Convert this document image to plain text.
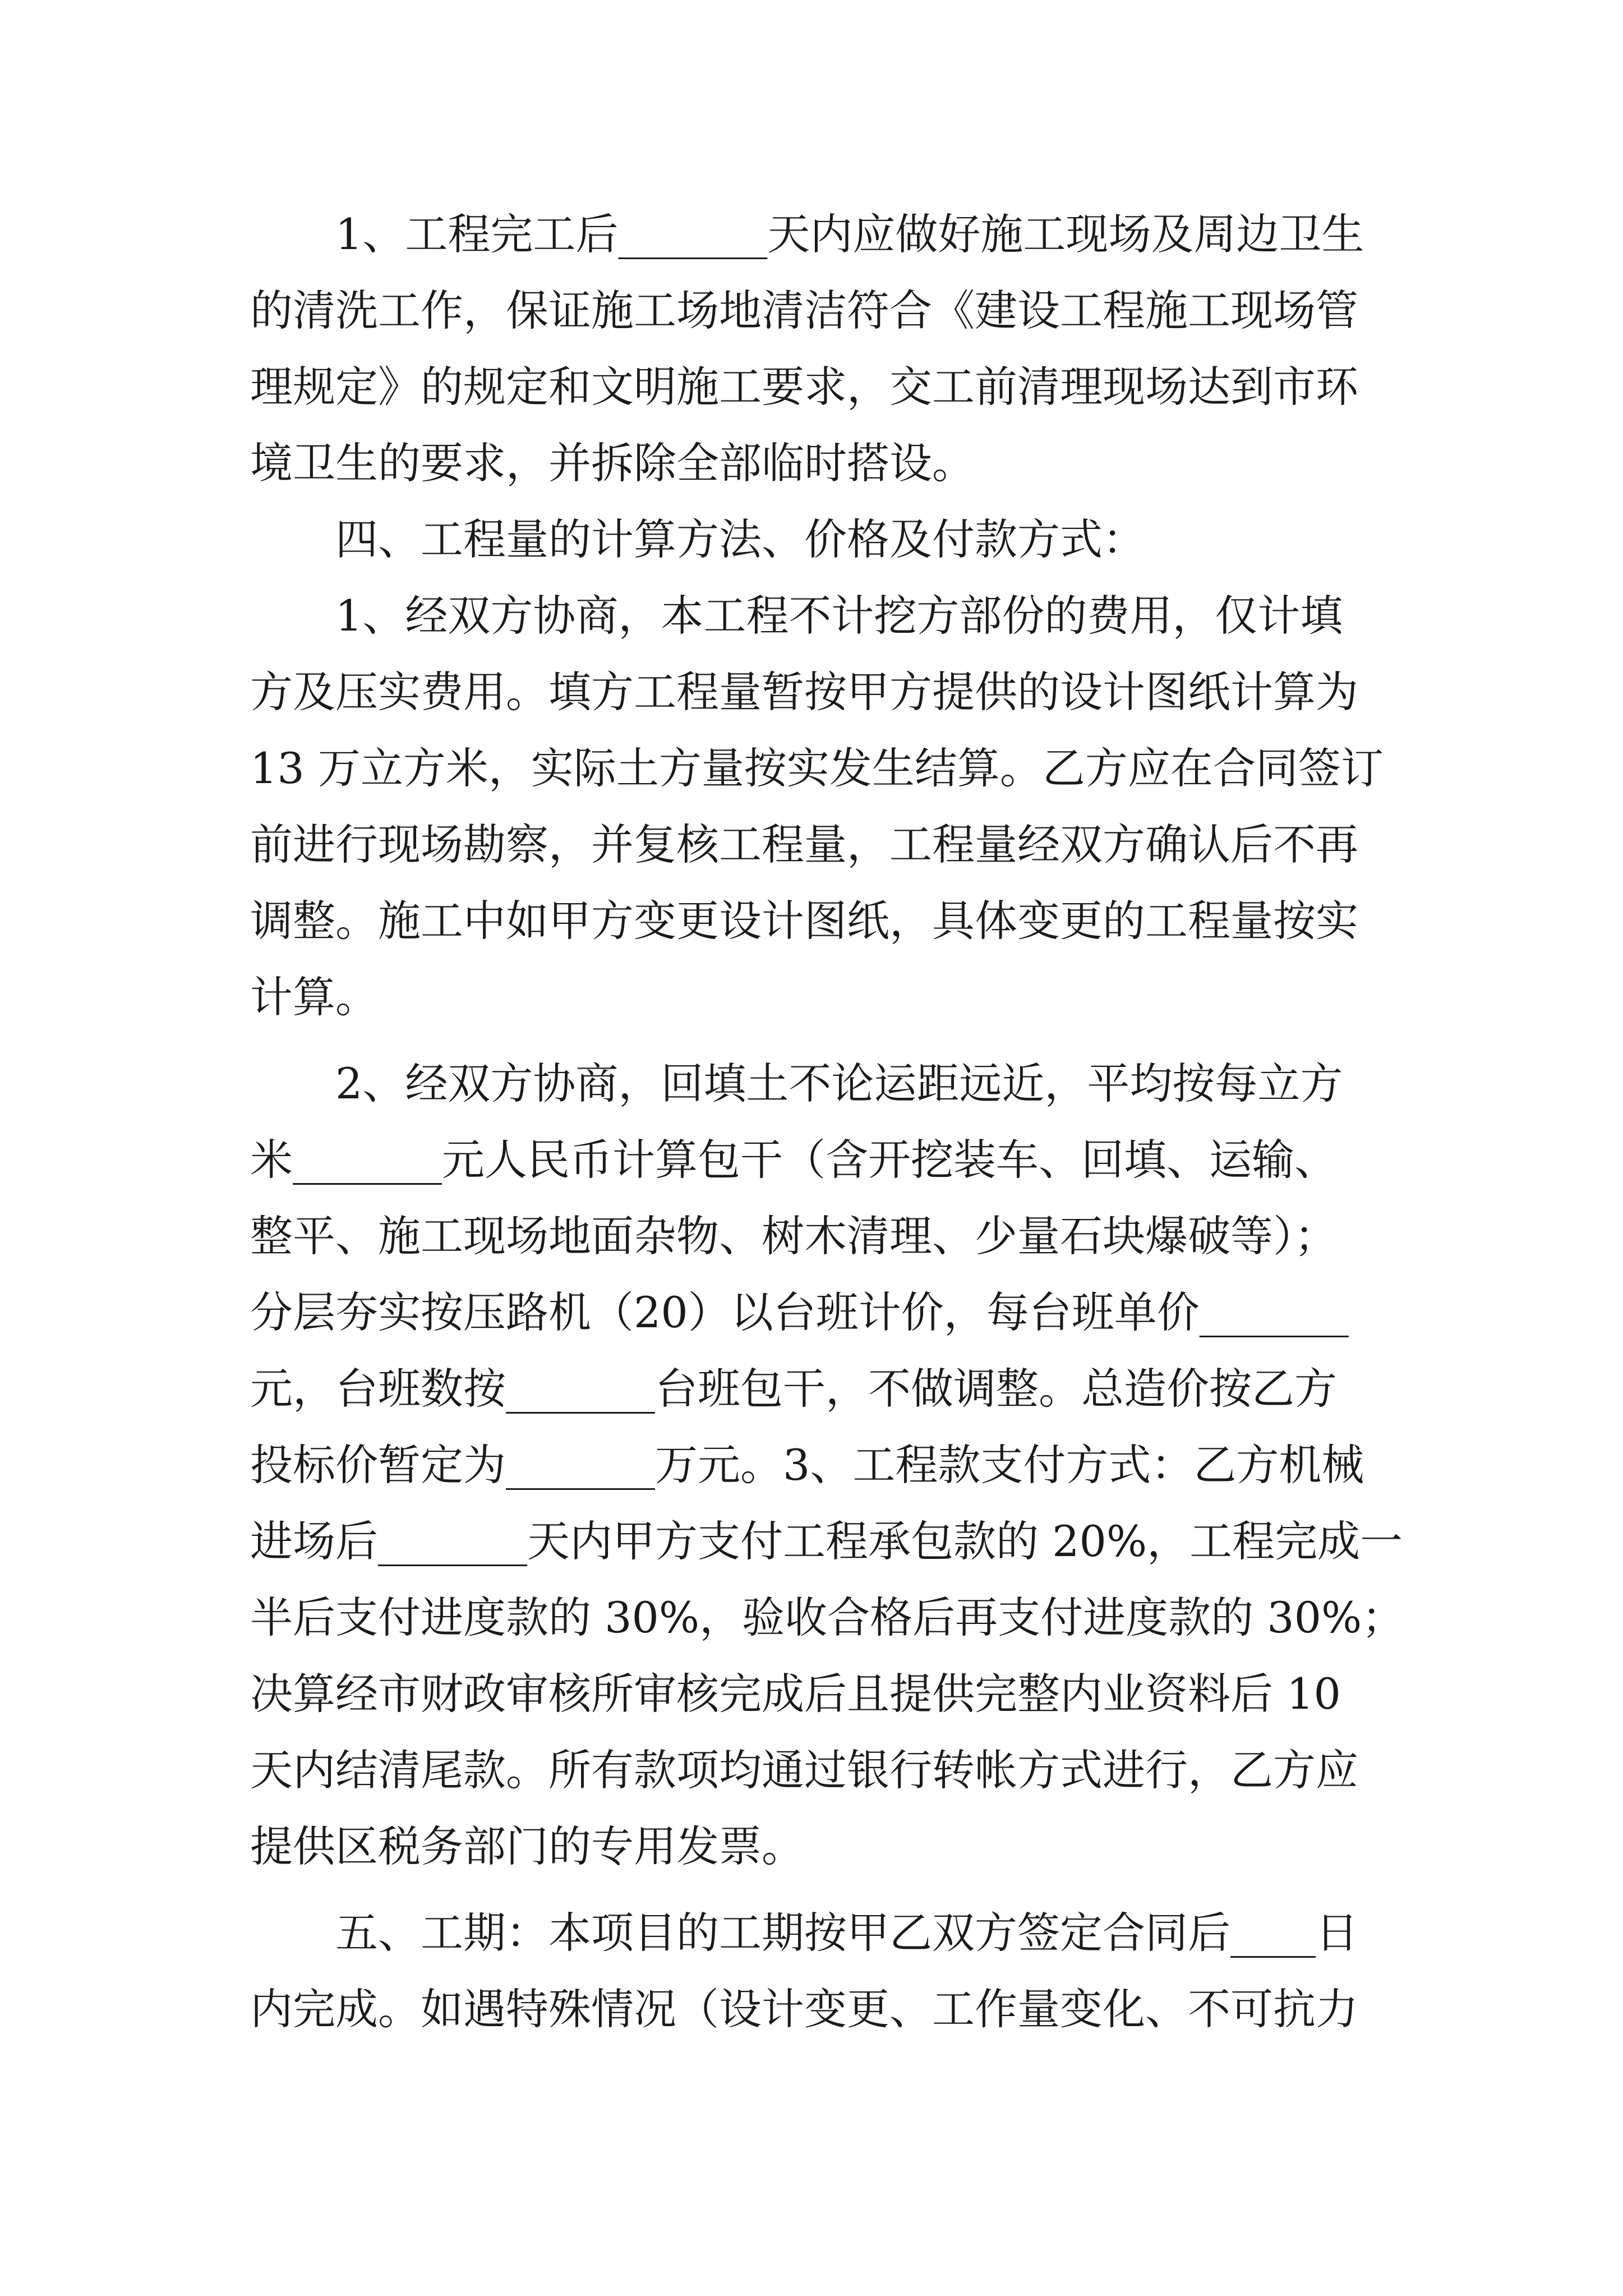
1、工程完工后_______天内应做好施工现场及周边卫生
的清洗工作，保证施工场地清洁符合《建设工程施工现场管
理规定》的规定和文明施工要求，交工前清理现场达到市环
境卫生的要求，并拆除全部临时搭设。
四、工程量的计算方法、价格及付款方式：
1、经双方协商，本工程不计挖方部份的费用，仅计填
方及压实费用。填方工程量暂按甲方提供的设计图纸计算为
13 万立方米，实际土方量按实发生结算。乙方应在合同签订
前进行现场勘察，并复核工程量，工程量经双方确认后不再
调整。施工中如甲方变更设计图纸，具体变更的工程量按实
计算。
2、经双方协商，回填土不论运距远近，平均按每立方
米_______元人民币计算包干（含开挖装车、回填、运输、
整平、施工现场地面杂物、树木清理、少量石块爆破等）；
分层夯实按压路机（20）以台班计价，每台班单价_______
元，台班数按_______台班包干，不做调整。总造价按乙方
投标价暂定为_______万元。3、工程款支付方式：乙方机械
进场后_______天内甲方支付工程承包款的 20%，工程完成一
半后支付进度款的 30%，验收合格后再支付进度款的 30%；
决算经市财政审核所审核完成后且提供完整内业资料后 10
天内结清尾款。所有款项均通过银行转帐方式进行，乙方应
提供区税务部门的专用发票。
五、工期：本项目的工期按甲乙双方签定合同后____日
内完成。如遇特殊情况（设计变更、工作量变化、不可抗力
